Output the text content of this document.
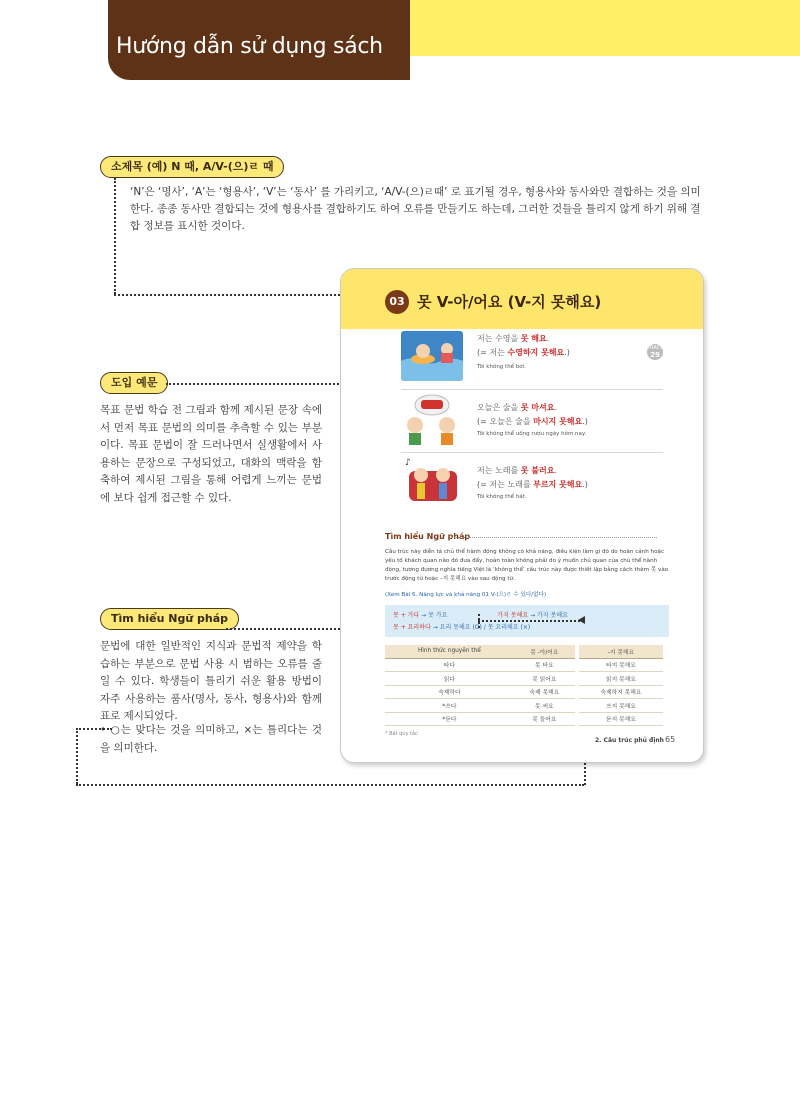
Hướng dẫn sử dụng sách
소제목 (예) N 때, A/V-(으)ㄹ 때
‘N’은 ‘명사’, ‘A’는 ‘형용사’, ‘V’는 ‘동사’ 를 가리키고, ‘A/V-(으)ㄹ때’ 로 표기될 경우, 형용사와 동사와만 결합하는 것을 의미한다. 종종 동사만 결합되는 것에 형용사를 결합하기도 하여 오류를 만들기도 하는데, 그러한 것들을 틀리지 않게 하기 위해 결합 정보를 표시한 것이다.
도입 예문
목표 문법 학습 전 그림과 함께 제시된 문장 속에서 먼저 목표 문법의 의미를 추측할 수 있는 부분이다. 목표 문법이 잘 드러나면서 실생활에서 사용하는 문장으로 구성되었고, 대화의 맥락을 함축하여 제시된 그림을 통해 어렵게 느끼는 문법에 보다 쉽게 접근할 수 있다.
Tìm hiểu Ngữ pháp
문법에 대한 일반적인 지식과 문법적 제약을 학습하는 부분으로 문법 사용 시 범하는 오류를 줄일 수 있다. 학생들이 틀리기 쉬운 활용 방법이 자주 사용하는 품사(명사, 동사, 형용사)와 함께 표로 제시되었다.
• ○는 맞다는 것을 의미하고, ×는 틀리다는 것을 의미한다.
03 못 V-아/어요 (V-지 못해요)
TRACK
29
저는 수영을 못 해요.
(= 저는 수영하지 못해요.)
Tôi không thể bơi.
오늘은 술을 못 마셔요.
(= 오늘은 술을 마시지 못해요.)
Tôi không thể uống rượu ngày hôm nay.
♪
저는 노래를 못 불러요.
(= 저는 노래를 부르지 못해요.)
Tôi không thể hát.
Tìm hiểu Ngữ pháp
Cấu trúc này diễn tả chủ thể hành động không có khả năng, điều kiện làm gì đó do hoàn cảnh hoặc yếu tố khách quan nào đó đưa đẩy, hoàn toàn không phải do ý muốn chủ quan của chủ thể hành động, tương đương nghĩa tiếng Việt là ‘không thể’ cấu trúc này được thiết lập bằng cách thêm 못 vào trước động từ hoặc –지 못해요 vào sau động từ.
(Xem Bài 6. Năng lực và khả năng 01 V-(으)ㄹ 수 있다/없다)
못 + 가다 → 못 가요	가지 못해요 → 가지 못해요
못 + 요리하다 → 요리 못해요 (O) / 못 요리해요 (×)
Hình thức nguyên thể	못 -아/어요		-지 못해요
타다	못 타요		타지 못해요
읽다	못 읽어요		읽지 못해요
숙제하다	숙제 못해요		숙제하지 못해요
*쓰다	못 써요		쓰지 못해요
*듣다	못 들어요		듣지 못해요
* Bất quy tắc
2. Câu trúc phủ định 65
